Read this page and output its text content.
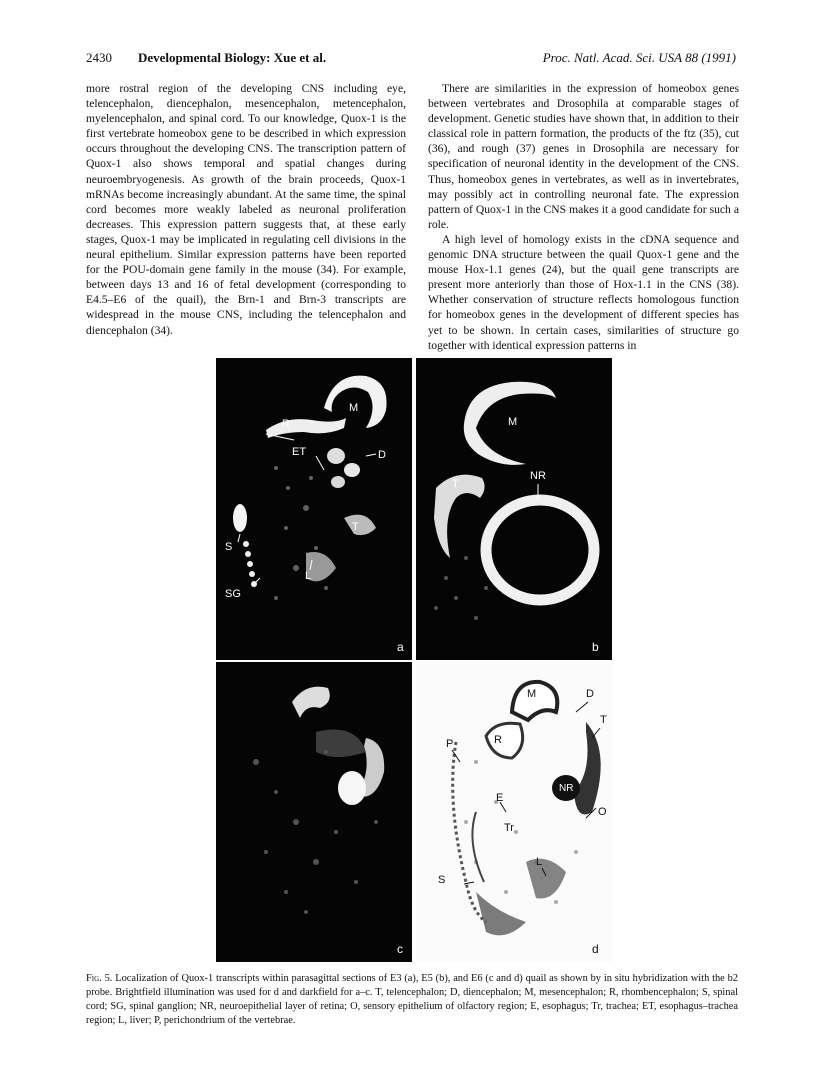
2430 Developmental Biology: Xue et al.	Proc. Natl. Acad. Sci. USA 88 (1991)

more rostral region of the developing CNS including eye, telencephalon, diencephalon, mesencephalon, metencephalon, myelencephalon, and spinal cord. To our knowledge, Quox-1 is the first vertebrate homeobox gene to be described in which expression occurs throughout the developing CNS. The transcription pattern of Quox-1 also shows temporal and spatial changes during neuroembryogenesis. As growth of the brain proceeds, Quox-1 mRNAs become increasingly abundant. At the same time, the spinal cord becomes more weakly labeled as neuronal proliferation decreases. This expression pattern suggests that, at these early stages, Quox-1 may be implicated in regulating cell divisions in the neural epithelium. Similar expression patterns have been reported for the POU-domain gene family in the mouse (34). For example, between days 13 and 16 of fetal development (corresponding to E4.5–E6 of the quail), the Brn-1 and Brn-3 transcripts are widespread in the mouse CNS, including the telencephalon and diencephalon (34).

There are similarities in the expression of homeobox genes between vertebrates and Drosophila at comparable stages of development. Genetic studies have shown that, in addition to their classical role in pattern formation, the products of the ftz (35), cut (36), and rough (37) genes in Drosophila are necessary for specification of neuronal identity in the development of the CNS. Thus, homeobox genes in vertebrates, as well as in invertebrates, may possibly act in controlling neuronal fate. The expression pattern of Quox-1 in the CNS makes it a good candidate for such a role.

A high level of homology exists in the cDNA sequence and genomic DNA structure between the quail Quox-1 gene and the mouse Hox-1.1 genes (24), but the quail gene transcripts are present more anteriorly than those of Hox-1.1 in the CNS (38). Whether conservation of structure reflects homologous function for homeobox genes in the development of different species has yet to be shown. In certain cases, similarities of structure go together with identical expression patterns in

M
R
ET	D
T
S
SG
L
a
M
T
NR
b
c
M	D
T
R
P
E
NR
O
Tr
S
L
d
Fig. 5. Localization of Quox-1 transcripts within parasagittal sections of E3 (a), E5 (b), and E6 (c and d) quail as shown by in situ hybridization with the b2 probe. Brightfield illumination was used for d and darkfield for a–c. T, telencephalon; D, diencephalon; M, mesencephalon; R, rhombencephalon; S, spinal cord; SG, spinal ganglion; NR, neuroepithelial layer of retina; O, sensory epithelium of olfactory region; E, esophagus; Tr, trachea; ET, esophagus–trachea region; L, liver; P, perichondrium of the vertebrae.
